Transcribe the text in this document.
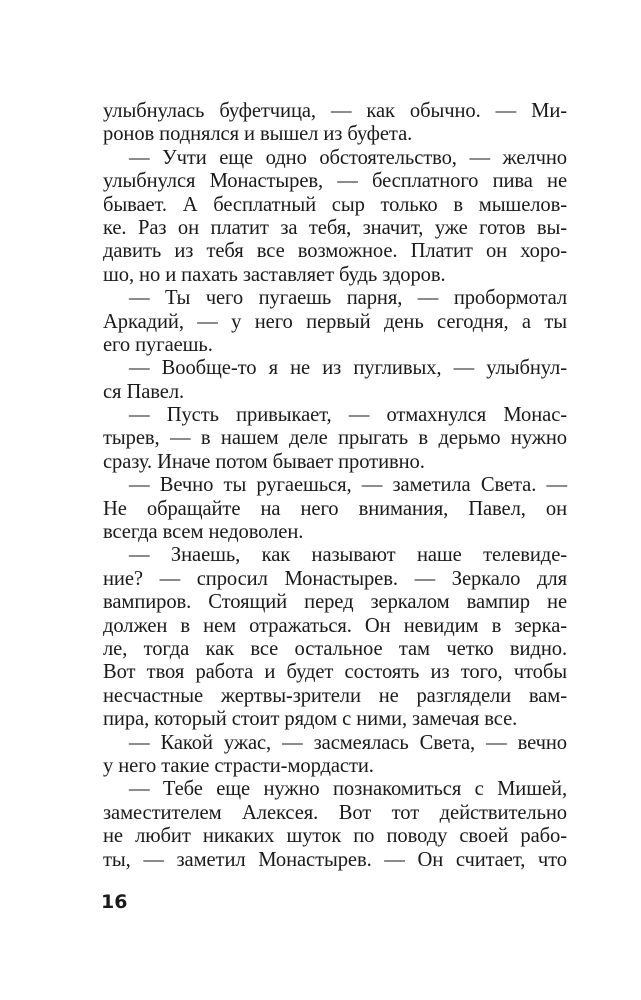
улыбнулась буфетчица, — как обычно. — Ми-
ронов поднялся и вышел из буфета.
— Учти еще одно обстоятельство, — желчно
улыбнулся Монастырев, — бесплатного пива не
бывает. А бесплатный сыр только в мышелов-
ке. Раз он платит за тебя, значит, уже готов вы-
давить из тебя все возможное. Платит он хоро-
шо, но и пахать заставляет будь здоров.
— Ты чего пугаешь парня, — пробормотал
Аркадий, — у него первый день сегодня, а ты
его пугаешь.
— Вообще-то я не из пугливых, — улыбнул-
ся Павел.
— Пусть привыкает, — отмахнулся Монас-
тырев, — в нашем деле прыгать в дерьмо нужно
сразу. Иначе потом бывает противно.
— Вечно ты ругаешься, — заметила Света. —
Не обращайте на него внимания, Павел, он
всегда всем недоволен.
— Знаешь, как называют наше телевиде-
ние? — спросил Монастырев. — Зеркало для
вампиров. Стоящий перед зеркалом вампир не
должен в нем отражаться. Он невидим в зерка-
ле, тогда как все остальное там четко видно.
Вот твоя работа и будет состоять из того, чтобы
несчастные жертвы-зрители не разглядели вам-
пира, который стоит рядом с ними, замечая все.
— Какой ужас, — засмеялась Света, — вечно
у него такие страсти-мордасти.
— Тебе еще нужно познакомиться с Мишей,
заместителем Алексея. Вот тот действительно
не любит никаких шуток по поводу своей рабо-
ты, — заметил Монастырев. — Он считает, что
16
